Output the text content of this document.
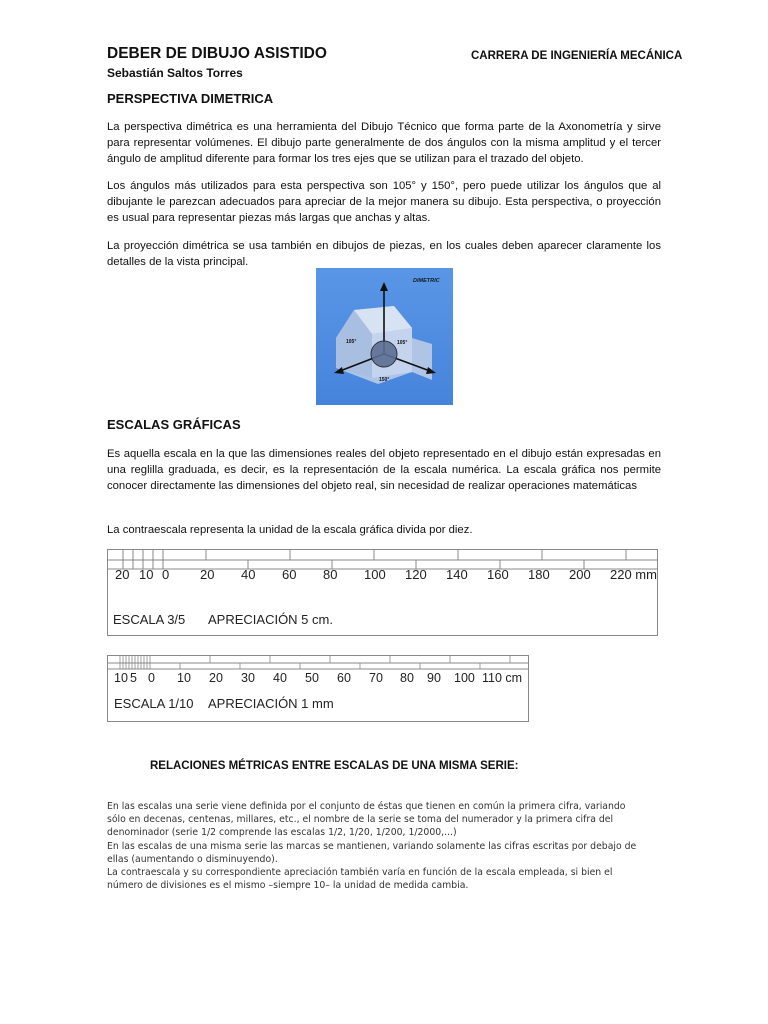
DEBER DE DIBUJO ASISTIDO	CARRERA DE INGENIERÍA MECÁNICA
Sebastián Saltos Torres
PERSPECTIVA DIMETRICA
La perspectiva dimétrica es una herramienta del Dibujo Técnico que forma parte de la Axonometría y sirve para representar volúmenes. El dibujo parte generalmente de dos ángulos con la misma amplitud y el tercer ángulo de amplitud diferente para formar los tres ejes que se utilizan para el trazado del objeto.
Los ángulos más utilizados para esta perspectiva son 105° y 150°, pero puede utilizar los ángulos que al dibujante le parezcan adecuados para apreciar de la mejor manera su dibujo. Esta perspectiva, o proyección es usual para representar piezas más largas que anchas y altas.
La proyección dimétrica se usa también en dibujos de piezas, en los cuales deben aparecer claramente los detalles de la vista principal.
DIMETRIC
105°	105°
150°
ESCALAS GRÁFICAS
Es aquella escala en la que las dimensiones reales del objeto representado en el dibujo están expresadas en una reglilla graduada, es decir, es la representación de la escala numérica. La escala gráfica nos permite conocer directamente las dimensiones del objeto real, sin necesidad de realizar operaciones matemáticas
La contraescala representa la unidad de la escala gráfica divida por diez.
20 10 0 20 40 60 80 100 120 140 160 180 200 220 mm
ESCALA 3/5 APRECIACIÓN 5 cm.
10 5 0 10 20 30 40 50 60 70 80 90 100 110 cm
ESCALA 1/10 APRECIACIÓN 1 mm
RELACIONES MÉTRICAS ENTRE ESCALAS DE UNA MISMA SERIE:
En las escalas una serie viene definida por el conjunto de éstas que tienen en común la primera cifra, variando
sólo en decenas, centenas, millares, etc., el nombre de la serie se toma del numerador y la primera cifra del
denominador (serie 1/2 comprende las escalas 1/2, 1/20, 1/200, 1/2000,...)
En las escalas de una misma serie las marcas se mantienen, variando solamente las cifras escritas por debajo de
ellas (aumentando o disminuyendo).
La contraescala y su correspondiente apreciación también varía en función de la escala empleada, si bien el
número de divisiones es el mismo –siempre 10– la unidad de medida cambia.
